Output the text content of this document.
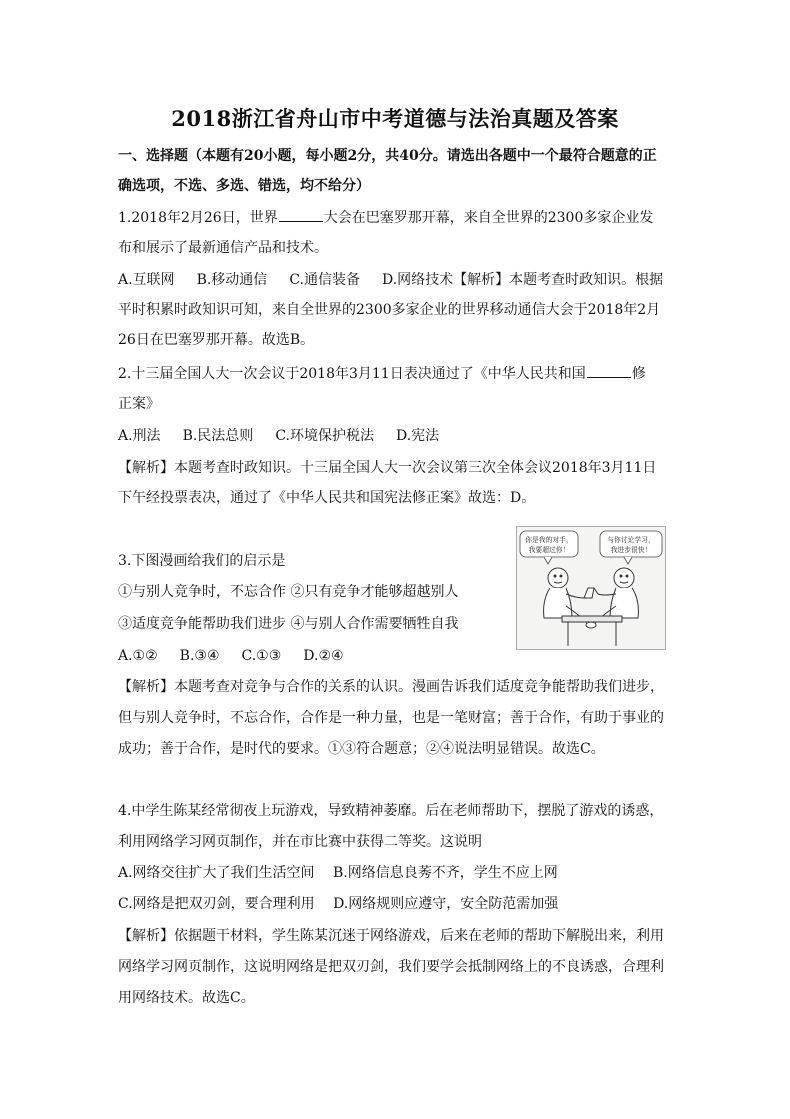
2018浙江省舟山市中考道德与法治真题及答案
一、选择题（本题有20小题，每小题2分，共40分。请选出各题中一个最符合题意的正
确选项，不选、多选、错选，均不给分）
1.2018年2月26日，世界	大会在巴塞罗那开幕，来自全世界的2300多家企业发
布和展示了最新通信产品和技术。
A.互联网 B.移动通信 C.通信装备 D.网络技术【解析】本题考查时政知识。根据
平时积累时政知识可知，来自全世界的2300多家企业的世界移动通信大会于2018年2月
26日在巴塞罗那开幕。故选B。
2.十三届全国人大一次会议于2018年3月11日表决通过了《中华人民共和国	修
正案》
A.刑法 B.民法总则 C.环境保护税法 D.宪法
【解析】本题考查时政知识。十三届全国人大一次会议第三次全体会议2018年3月11日
下午经投票表决，通过了《中华人民共和国宪法修正案》故选：D。
3.下图漫画给我们的启示是
①与别人竞争时，不忘合作 ②只有竞争才能够超越别人
③适度竞争能帮助我们进步 ④与别人合作需要牺牲自我
A.①② B.③④ C.①③ D.②④
【解析】本题考查对竞争与合作的关系的认识。漫画告诉我们适度竞争能帮助我们进步，
但与别人竞争时，不忘合作，合作是一种力量，也是一笔财富；善于合作，有助于事业的
成功；善于合作，是时代的要求。①③符合题意；②④说法明显错误。故选C。
你是我的对手，
我要超过你！
与你讨论学习，
我进步很快！
4.中学生陈某经常彻夜上玩游戏，导致精神萎靡。后在老师帮助下，摆脱了游戏的诱惑，
利用网络学习网页制作，并在市比赛中获得二等奖。这说明
A.网络交往扩大了我们生活空间　 B.网络信息良莠不齐，学生不应上网
C.网络是把双刃剑，要合理利用　 D.网络规则应遵守，安全防范需加强
【解析】依据题干材料，学生陈某沉迷于网络游戏，后来在老师的帮助下解脱出来，利用
网络学习网页制作，这说明网络是把双刃剑，我们要学会抵制网络上的不良诱惑，合理利
用网络技术。故选C。
